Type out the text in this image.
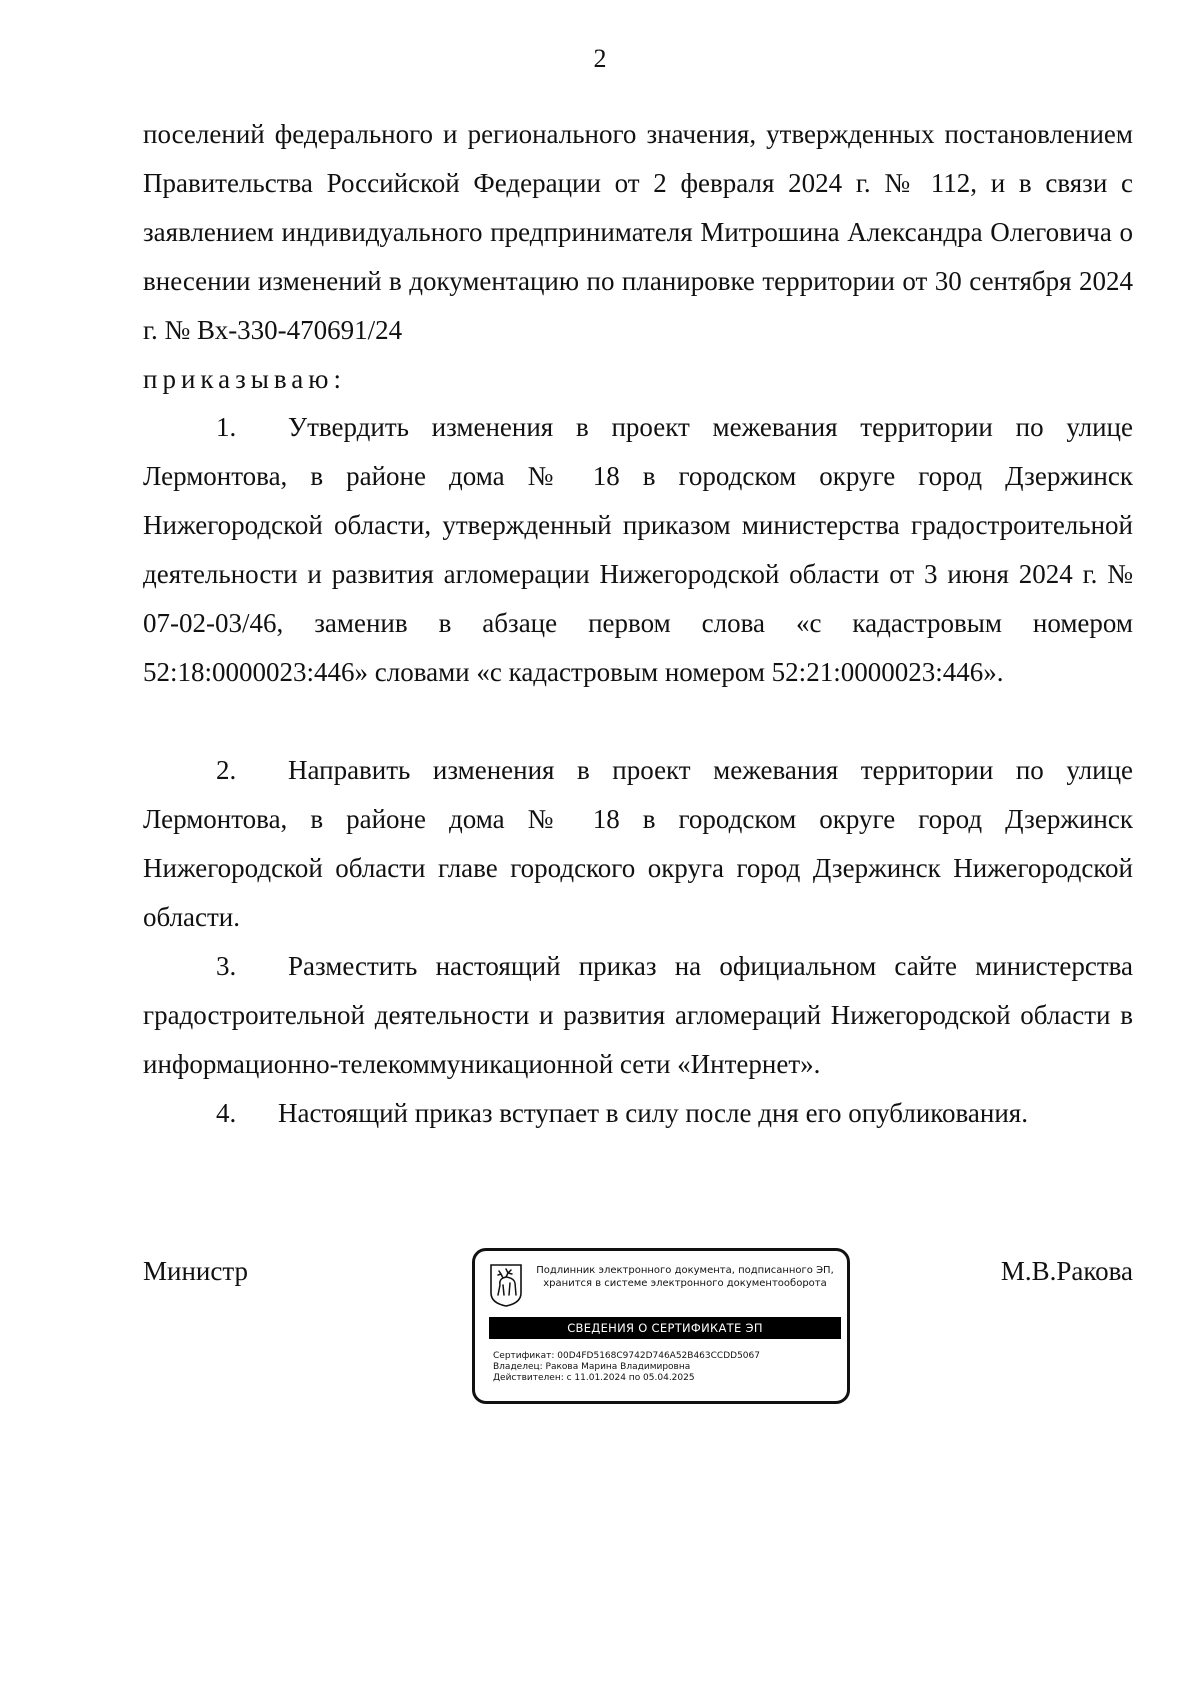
2
поселений федерального и регионального значения, утвержденных постановлением Правительства Российской Федерации от 2 февраля 2024 г. № 112, и в связи с заявлением индивидуального предпринимателя Митрошина Александра Олеговича о внесении изменений в документацию по планировке территории от 30 сентября 2024 г. № Вх-330-470691/24
приказываю:
1. Утвердить изменения в проект межевания территории по улице Лермонтова, в районе дома № 18 в городском округе город Дзержинск Нижегородской области, утвержденный приказом министерства градостроительной деятельности и развития агломерации Нижегородской области от 3 июня 2024 г. № 07-02-03/46, заменив в абзаце первом слова «с кадастровым номером 52:18:0000023:446» словами «с кадастровым номером 52:21:0000023:446».
2. Направить изменения в проект межевания территории по улице Лермонтова, в районе дома № 18 в городском округе город Дзержинск Нижегородской области главе городского округа город Дзержинск Нижегородской области.
3. Разместить настоящий приказ на официальном сайте министерства градостроительной деятельности и развития агломераций Нижегородской области в информационно-телекоммуникационной сети «Интернет».
4. Настоящий приказ вступает в силу после дня его опубликования.
Министр	М.В.Ракова
Подлинник электронного документа, подписанного ЭП,
хранится в системе электронного документооборота
СВЕДЕНИЯ О СЕРТИФИКАТЕ ЭП
Сертификат: 00D4FD5168C9742D746A52B463CCDD5067
Владелец: Ракова Марина Владимировна
Действителен: с 11.01.2024 по 05.04.2025
